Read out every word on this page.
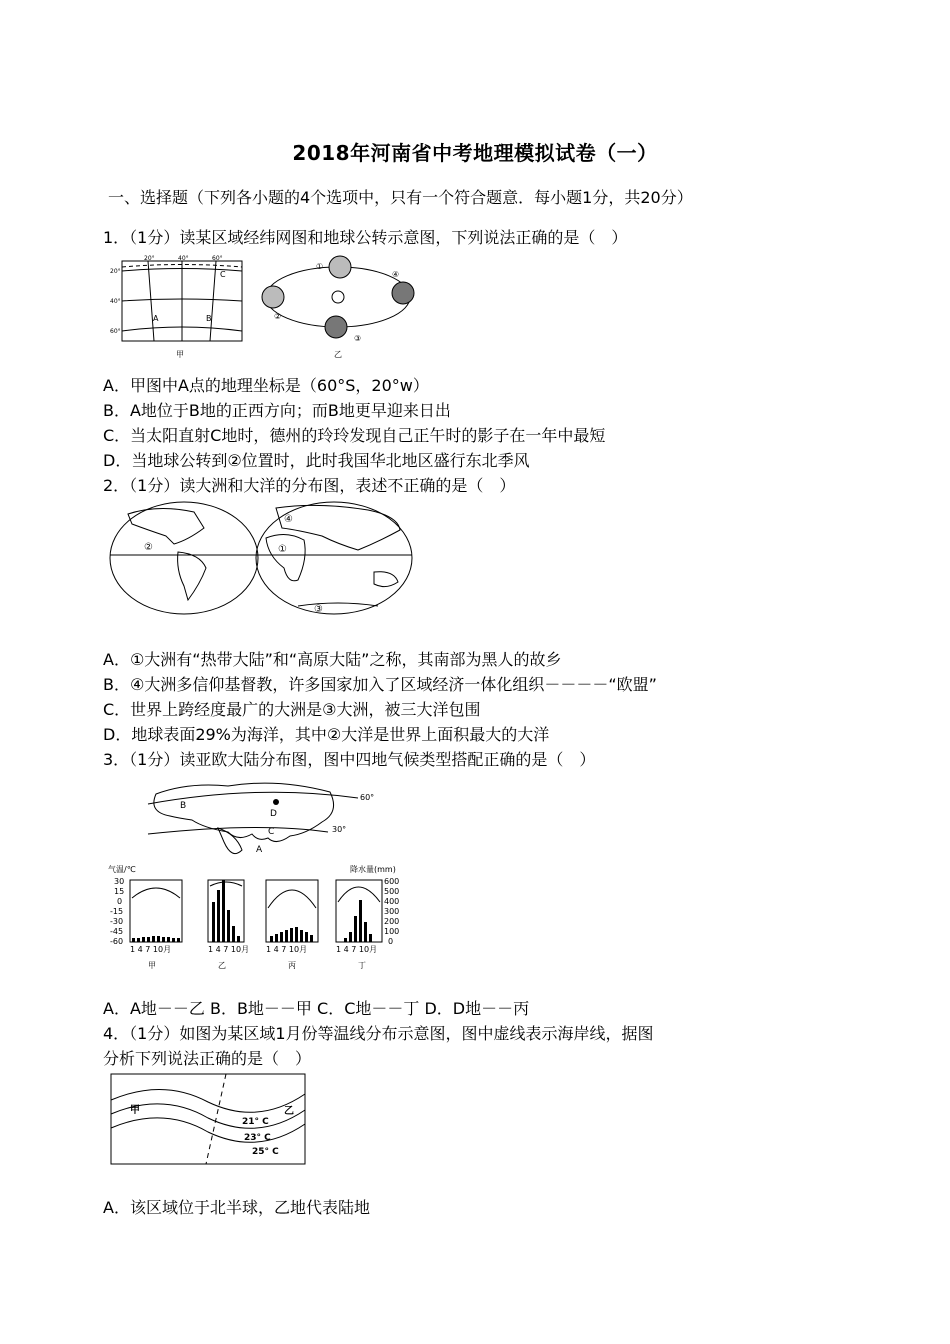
2018年河南省中考地理模拟试卷（一）
一、选择题（下列各小题的4个选项中，只有一个符合题意．每小题1分，共20分）
1．（1分）读某区域经纬网图和地球公转示意图，下列说法正确的是（　）
20°	40°	60°
20°
40°
60°
A	B
C
甲
①
②
③
④
乙
A．甲图中A点的地理坐标是（60°S，20°w）
B．A地位于B地的正西方向；而B地更早迎来日出
C．当太阳直射C地时，德州的玲玲发现自己正午时的影子在一年中最短
D．当地球公转到②位置时，此时我国华北地区盛行东北季风
2．（1分）读大洲和大洋的分布图，表述不正确的是（　）
①
②
③
④
A．①大洲有“热带大陆”和“高原大陆”之称，其南部为黑人的故乡
B．④大洲多信仰基督教，许多国家加入了区域经济一体化组织－－－－“欧盟”
C．世界上跨经度最广的大洲是③大洲，被三大洋包围
D．地球表面29%为海洋，其中②大洋是世界上面积最大的大洋
3．（1分）读亚欧大陆分布图，图中四地气候类型搭配正确的是（　）
B
D
C
A
60°
30°
气温/℃	降水量(mm)
30
15
0
-15
-30
-45
-60
600
500
400
300
200
100
0
1 4 7 10月
甲
1 4 7 10月
乙
1 4 7 10月
丙
1 4 7 10月
丁
A．A地－－乙 B．B地－－甲 C．C地－－丁 D．D地－－丙
4．（1分）如图为某区域1月份等温线分布示意图，图中虚线表示海岸线，据图
分析下列说法正确的是（　）
甲	乙
21° C
23° C
25° C
A．该区域位于北半球，乙地代表陆地
